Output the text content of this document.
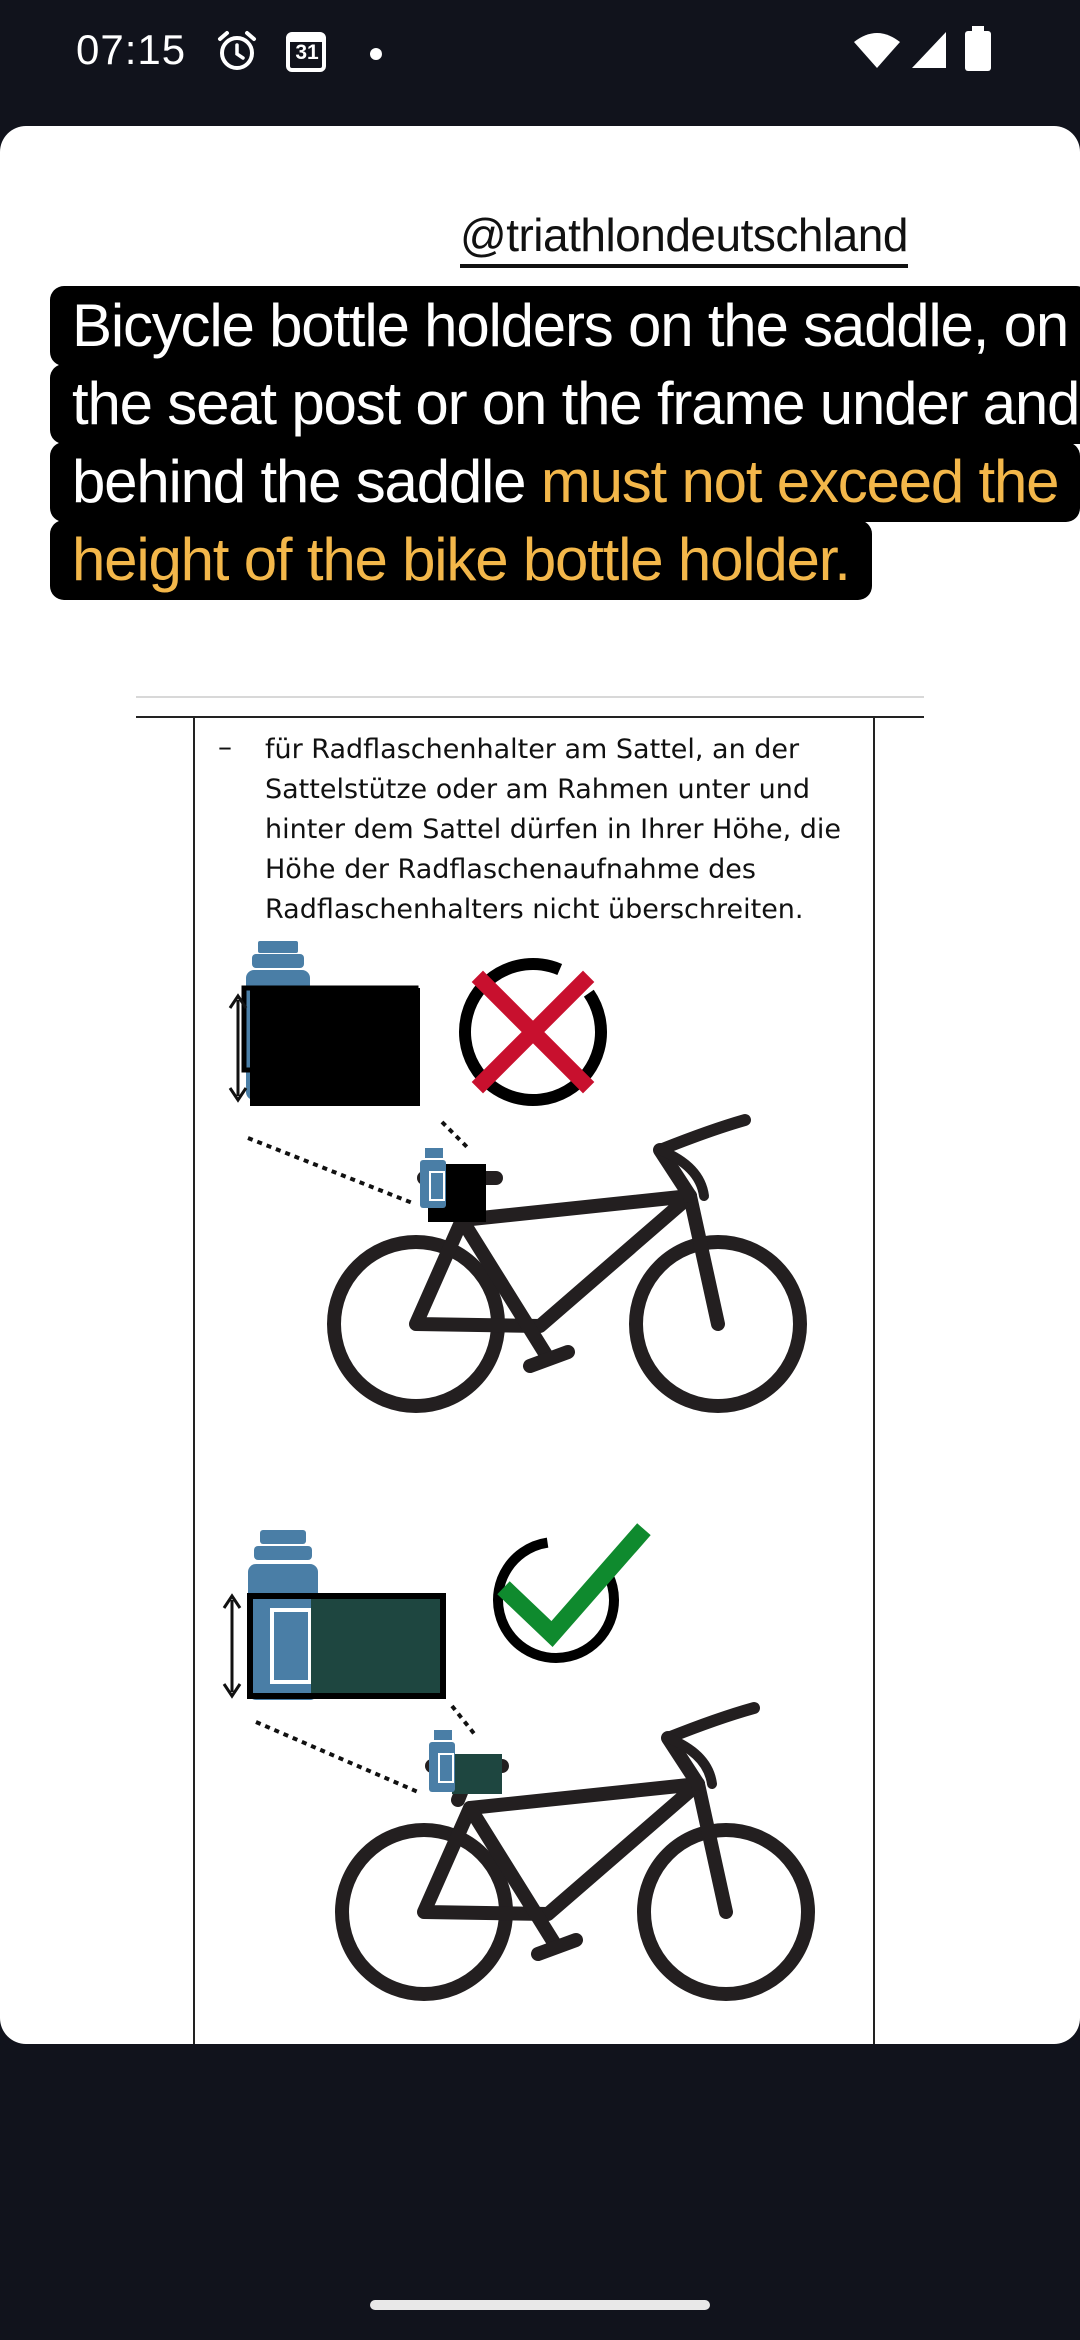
07:15	31
@triathlondeutschland
Bicycle bottle holders on the saddle, on
the seat post or on the frame under and
behind the saddle must not exceed the
height of the bike bottle holder.
– für Radflaschenhalter am Sattel, an der Sattelstütze oder am Rahmen unter und hinter dem Sattel dürfen in Ihrer Höhe, die Höhe der Radflaschenaufnahme des Radflaschenhalters nicht überschreiten.
